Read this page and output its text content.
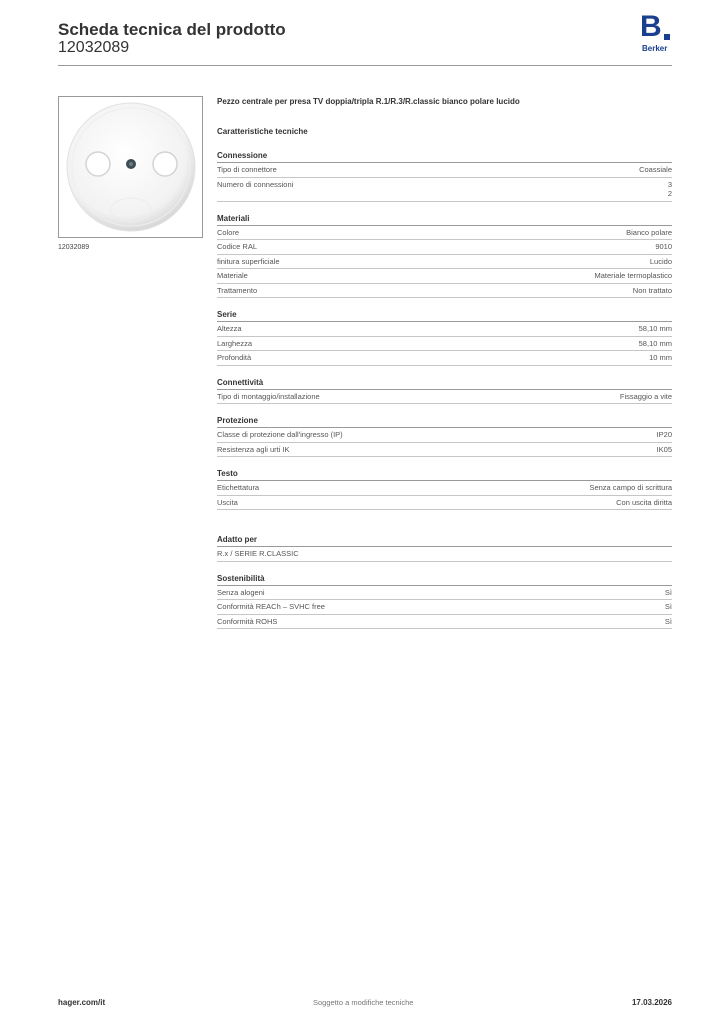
Scheda tecnica del prodotto
12032089
B
Berker
12032089
Pezzo centrale per presa TV doppia/tripla R.1/R.3/R.classic bianco polare lucido
Caratteristiche tecniche
Connessione
Tipo di connettore	Coassiale
Numero di connessioni	3
2
Materiali
Colore	Bianco polare
Codice RAL	9010
finitura superficiale	Lucido
Materiale	Materiale termoplastico
Trattamento	Non trattato
Serie
Altezza	58,10 mm
Larghezza	58,10 mm
Profondità	10 mm
Connettività
Tipo di montaggio/installazione	Fissaggio a vite
Protezione
Classe di protezione dall'ingresso (IP)	IP20
Resistenza agli urti IK	IK05
Testo
Etichettatura	Senza campo di scrittura
Uscita	Con uscita diritta
Adatto per
R.x / SERIE R.CLASSIC
Sostenibilità
Senza alogeni	Sì
Conformità REACh – SVHC free	Sì
Conformità ROHS	Sì
hager.com/it	Soggetto a modifiche tecniche	17.03.2026
